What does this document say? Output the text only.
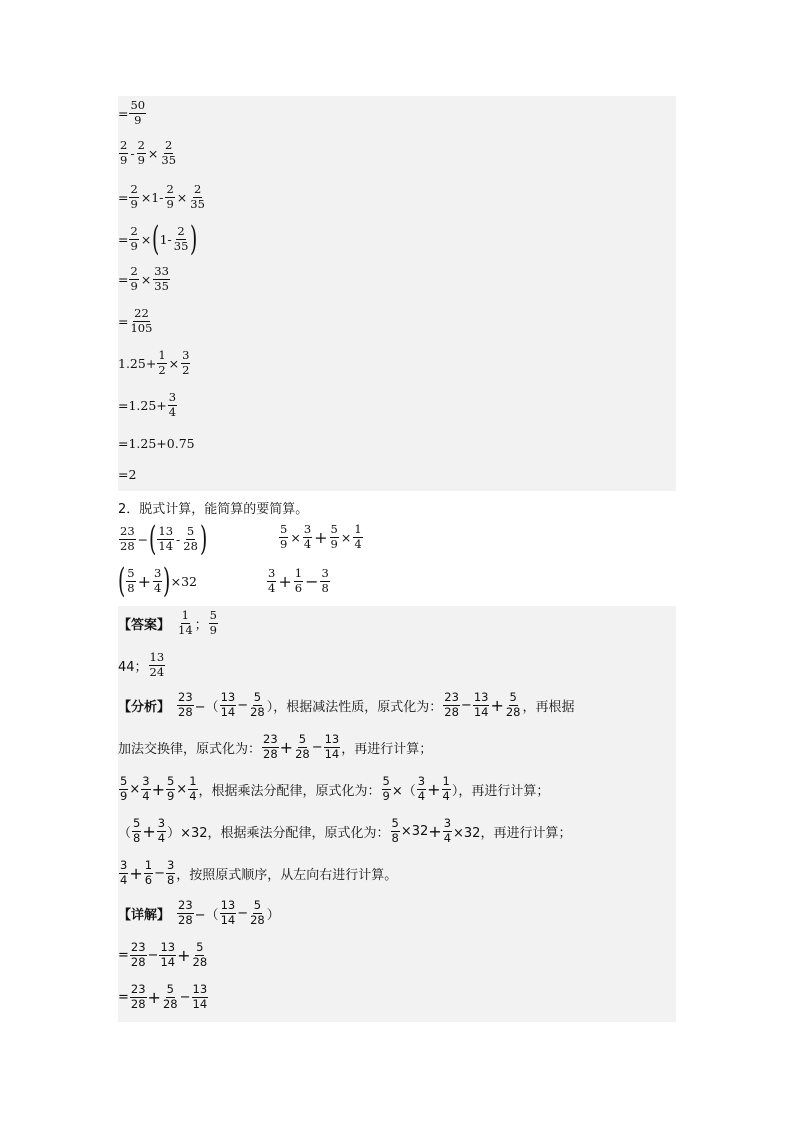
= $\frac{50}{9}$
$\frac{2}{9} - \frac{2}{9} \times \frac{2}{35}$
= $\frac{2}{9} \times 1- \frac{2}{9} \times \frac{2}{35}$
= $\frac{2}{9}$ × ( $1- \frac{2}{35}$ )
= $\frac{2}{9} \times \frac{33}{35}$
= $\frac{22}{105}$
$1.25+ \frac{1}{2} \times \frac{3}{2}$
$=1.25+ \frac{3}{4}$
=1.25+0.75
=2
2．脱式计算，能简算的要简算。
$\frac{23}{28}$ − ( $\frac{13}{14} - \frac{5}{28}$ )	$\frac{5}{9} \times \frac{3}{4} + \frac{5}{9} \times \frac{1}{4}$
( $\frac{5}{8} + \frac{3}{4}$ ) ×32	$\frac{3}{4} + \frac{1}{6} - \frac{3}{8}$
【答案】 $\frac{1}{14}$ ； $\frac{5}{9}$
44； $\frac{13}{24}$
【分析】 $\frac{23}{28}$ −（ $\frac{13}{14} - \frac{5}{28}$ ），根据减法性质，原式化为： $\frac{23}{28} - \frac{13}{14} + \frac{5}{28}$ ，再根据
加法交换律，原式化为： $\frac{23}{28} + \frac{5}{28} - \frac{13}{14}$ ，再进行计算；
$\frac{5}{9} \times \frac{3}{4} + \frac{5}{9} \times \frac{1}{4}$ ，根据乘法分配律，原式化为： $\frac{5}{9}$ ×（ $\frac{3}{4} + \frac{1}{4}$ ），再进行计算；
（ $\frac{5}{8} + \frac{3}{4} )\times 32$，根据乘法分配律，原式化为： $\frac{5}{8} \times 32 + \frac{3}{4} \times 32$，再进行计算；
$\frac{3}{4} + \frac{1}{6} - \frac{3}{8}$ ，按照原式顺序，从左向右进行计算。
【详解】 $\frac{23}{28}$ −（ $\frac{13}{14} - \frac{5}{28}$ ）
= $\frac{23}{28} - \frac{13}{14} + \frac{5}{28}$
= $\frac{23}{28} + \frac{5}{28} - \frac{13}{14}$
